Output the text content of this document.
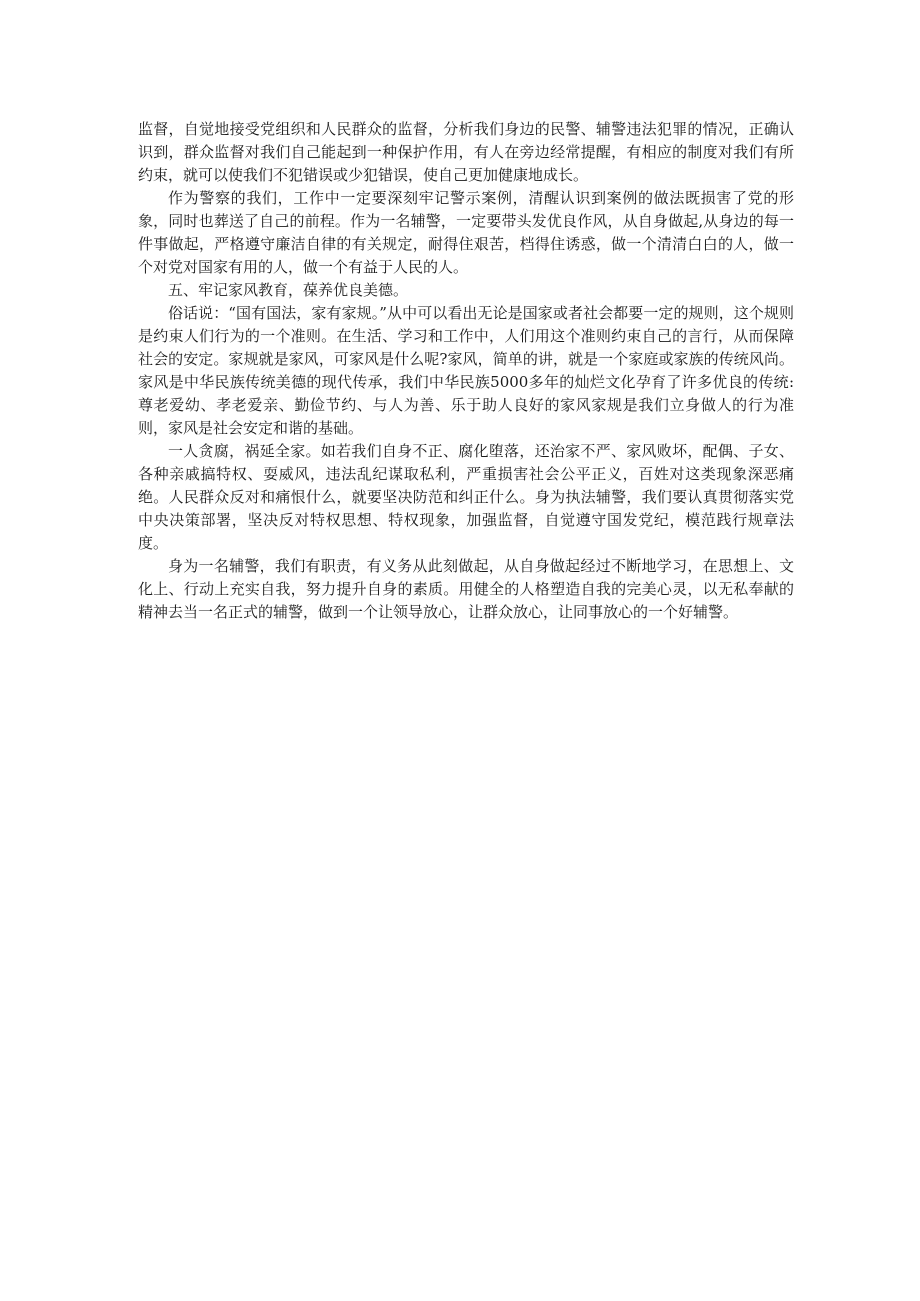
监督，自觉地接受党组织和人民群众的监督，分析我们身边的民警、辅警违法犯罪的情况，正确认识到，群众监督对我们自己能起到一种保护作用，有人在旁边经常提醒，有相应的制度对我们有所约束，就可以使我们不犯错误或少犯错误，使自己更加健康地成长。

作为警察的我们，工作中一定要深刻牢记警示案例，清醒认识到案例的做法既损害了党的形象，同时也葬送了自己的前程。作为一名辅警，一定要带头发优良作风，从自身做起,从身边的每一件事做起，严格遵守廉洁自律的有关规定，耐得住艰苦，档得住诱惑，做一个清清白白的人，做一个对党对国家有用的人，做一个有益于人民的人。

五、牢记家风教育，葆养优良美德。

俗话说：“国有国法，家有家规。”从中可以看出无论是国家或者社会都要一定的规则，这个规则是约束人们行为的一个准则。在生活、学习和工作中，人们用这个准则约束自己的言行，从而保障社会的安定。家规就是家风，可家风是什么呢?家风，简单的讲，就是一个家庭或家族的传统风尚。家风是中华民族传统美德的现代传承，我们中华民族5000多年的灿烂文化孕育了许多优良的传统:尊老爱幼、孝老爱亲、勤俭节约、与人为善、乐于助人良好的家风家规是我们立身做人的行为准则，家风是社会安定和谐的基础。

一人贪腐，祸延全家。如若我们自身不正、腐化堕落，还治家不严、家风败坏，配偶、子女、各种亲戚搞特权、耍威风，违法乱纪谋取私利，严重损害社会公平正义，百姓对这类现象深恶痛绝。人民群众反对和痛恨什么，就要坚决防范和纠正什么。身为执法辅警，我们要认真贯彻落实党中央决策部署，坚决反对特权思想、特权现象，加强监督，自觉遵守国发党纪，模范践行规章法度。

身为一名辅警，我们有职责，有义务从此刻做起，从自身做起经过不断地学习，在思想上、文化上、行动上充实自我，努力提升自身的素质。用健全的人格塑造自我的完美心灵，以无私奉献的精神去当一名正式的辅警，做到一个让领导放心，让群众放心，让同事放心的一个好辅警。
